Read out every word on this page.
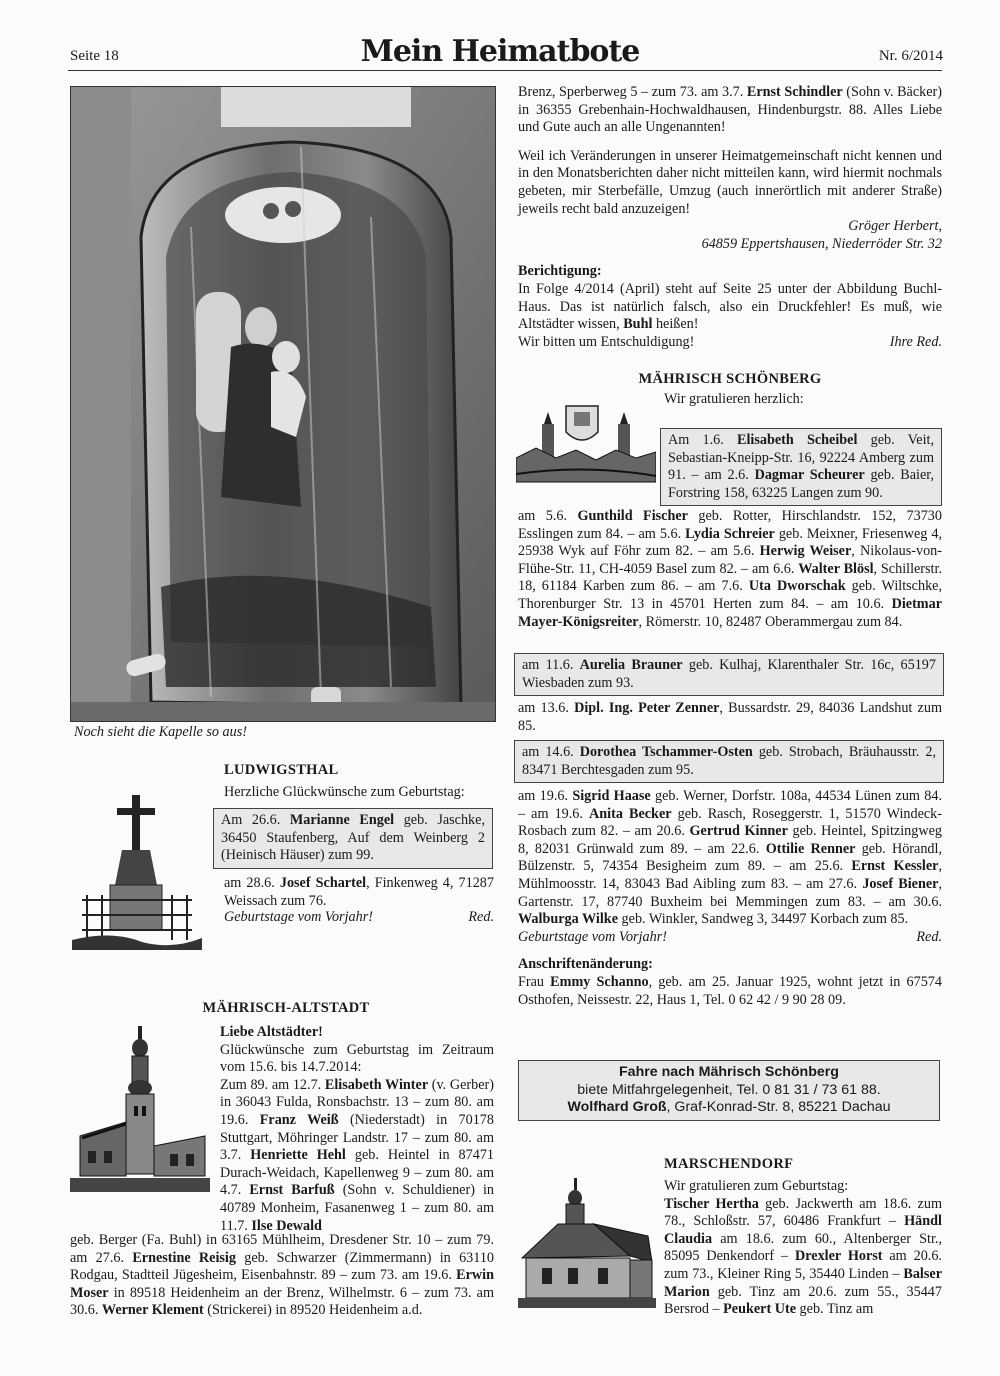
Seite 18	Mein Heimatbote	Nr. 6/2014
Noch sieht die Kapelle so aus!
LUDWIGSTHAL
Herzliche Glückwünsche zum Geburtstag:
Am 26.6. Marianne Engel geb. Jaschke, 36450 Staufenberg, Auf dem Weinberg 2 (Heinisch Häuser) zum 99.
am 28.6. Josef Schartel, Finkenweg 4, 71287 Weissach zum 76.
Geburtstage vom Vorjahr!	Red.
MÄHRISCH-ALTSTADT

Liebe Altstädter!

Glückwünsche zum Geburtstag im Zeitraum vom 15.6. bis 14.7.2014:

Zum 89. am 12.7. Elisabeth Winter (v. Gerber) in 36043 Fulda, Ronsbachstr. 13 – zum 80. am 19.6. Franz Weiß (Niederstadt) in 70178 Stuttgart, Möhringer Landstr. 17 – zum 80. am 3.7. Henriette Hehl geb. Heintel in 87471 Durach-Weidach, Kapellenweg 9 – zum 80. am 4.7. Ernst Barfuß (Sohn v. Schuldiener) in 40789 Monheim, Fasanenweg 1 – zum 80. am 11.7. Ilse Dewald

geb. Berger (Fa. Buhl) in 63165 Mühlheim, Dresdener Str. 10 – zum 79. am 27.6. Ernestine Reisig geb. Schwarzer (Zimmermann) in 63110 Rodgau, Stadtteil Jügesheim, Eisenbahnstr. 89 – zum 73. am 19.6. Erwin Moser in 89518 Heidenheim an der Brenz, Wilhelmstr. 6 – zum 73. am 30.6. Werner Klement (Strickerei) in 89520 Heidenheim a.d.

Brenz, Sperberweg 5 – zum 73. am 3.7. Ernst Schindler (Sohn v. Bäcker) in 36355 Grebenhain-Hochwaldhausen, Hindenburgstr. 88. Alles Liebe und Gute auch an alle Ungenannten!

Weil ich Veränderungen in unserer Heimatgemeinschaft nicht kennen und in den Monatsberichten daher nicht mitteilen kann, wird hiermit nochmals gebeten, mir Sterbefälle, Umzug (auch innerörtlich mit anderer Straße) jeweils recht bald anzuzeigen!

Gröger Herbert,

64859 Eppertshausen, Niederröder Str. 32

Berichtigung:

In Folge 4/2014 (April) steht auf Seite 25 unter der Abbildung Buchl-Haus. Das ist natürlich falsch, also ein Druckfehler! Es muß, wie Altstädter wissen, Buhl heißen!

Wir bitten um Entschuldigung!	Ihre Red.

MÄHRISCH SCHÖNBERG

Wir gratulieren herzlich:

Am 1.6. Elisabeth Scheibel geb. Veit, Sebastian-Kneipp-Str. 16, 92224 Amberg zum 91. – am 2.6. Dagmar Scheurer geb. Baier, Forstring 158, 63225 Langen zum 90.
am 5.6. Gunthild Fischer geb. Rotter, Hirschlandstr. 152, 73730 Esslingen zum 84. – am 5.6. Lydia Schreier geb. Meixner, Friesenweg 4, 25938 Wyk auf Föhr zum 82. – am 5.6. Herwig Weiser, Nikolaus-von-Flühe-Str. 11, CH-4059 Basel zum 82. – am 6.6. Walter Blösl, Schillerstr. 18, 61184 Karben zum 86. – am 7.6. Uta Dworschak geb. Wiltschke, Thorenburger Str. 13 in 45701 Herten zum 84. – am 10.6. Dietmar Mayer-Königsreiter, Römerstr. 10, 82487 Oberammergau zum 84.
am 11.6. Aurelia Brauner geb. Kulhaj, Klarenthaler Str. 16c, 65197 Wiesbaden zum 93.
am 13.6. Dipl. Ing. Peter Zenner, Bussardstr. 29, 84036 Landshut zum 85.
am 14.6. Dorothea Tschammer-Osten geb. Strobach, Bräuhausstr. 2, 83471 Berchtesgaden zum 95.

am 19.6. Sigrid Haase geb. Werner, Dorfstr. 108a, 44534 Lünen zum 84. – am 19.6. Anita Becker geb. Rasch, Roseggerstr. 1, 51570 Windeck-Rosbach zum 82. – am 20.6. Gertrud Kinner geb. Heintel, Spitzingweg 8, 82031 Grünwald zum 89. – am 22.6. Ottilie Renner geb. Hörandl, Bülzenstr. 5, 74354 Besigheim zum 89. – am 25.6. Ernst Kessler, Mühlmoosstr. 14, 83043 Bad Aibling zum 83. – am 27.6. Josef Biener, Gartenstr. 17, 87740 Buxheim bei Memmingen zum 83. – am 30.6. Walburga Wilke geb. Winkler, Sandweg 3, 34497 Korbach zum 85.

Geburtstage vom Vorjahr!	Red.

Anschriftenänderung:

Frau Emmy Schanno, geb. am 25. Januar 1925, wohnt jetzt in 67574 Osthofen, Neissestr. 22, Haus 1, Tel. 0 62 42 / 9 90 28 09.

Fahre nach Mährisch Schönberg

biete Mitfahrgelegenheit, Tel. 0 81 31 / 73 61 88.

Wolfhard Groß, Graf-Konrad-Str. 8, 85221 Dachau

MARSCHENDORF

Wir gratulieren zum Geburtstag:

Tischer Hertha geb. Jackwerth am 18.6. zum 78., Schloßstr. 57, 60486 Frankfurt – Händl Claudia am 18.6. zum 60., Altenberger Str., 85095 Denkendorf – Drexler Horst am 20.6. zum 73., Kleiner Ring 5, 35440 Linden – Balser Marion geb. Tinz am 20.6. zum 55., 35447 Bersrod – Peukert Ute geb. Tinz am
